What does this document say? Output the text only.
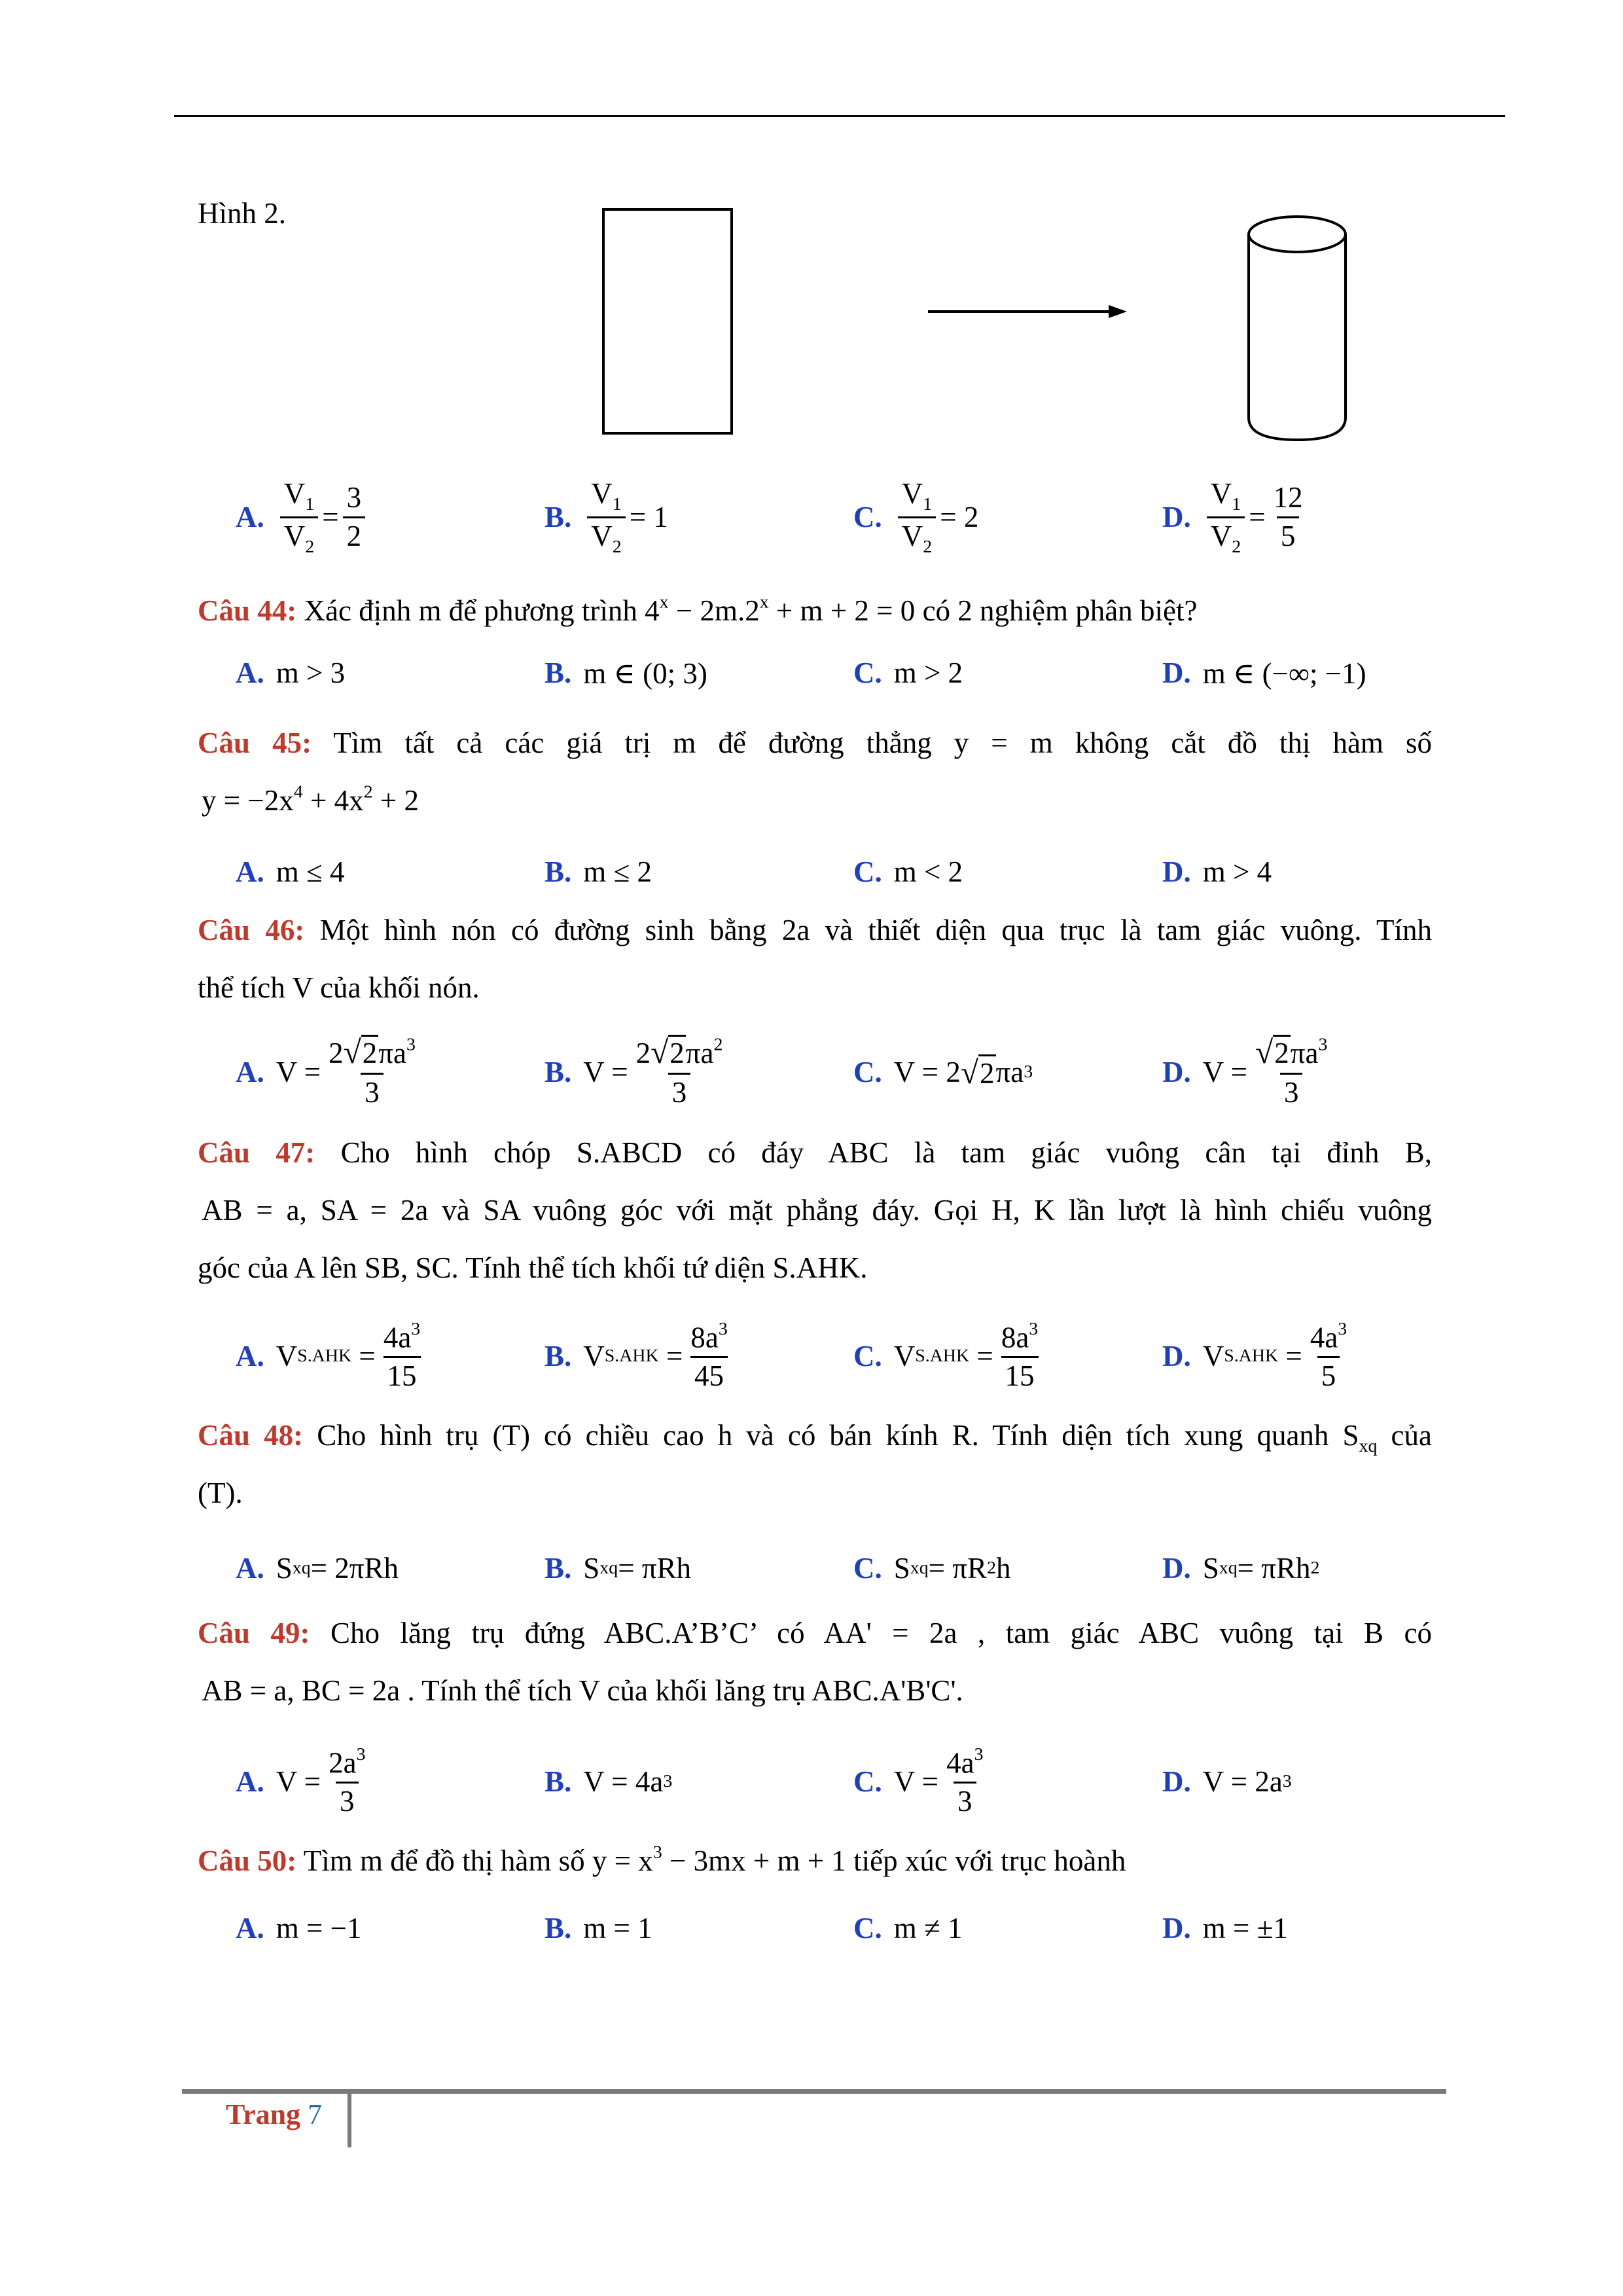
Hình 2.
A. $\frac{V_1}{V_2} = \frac{3}{2}$	B. $\frac{V_1}{V_2}$ =
1	C. $\frac{V_1}{V_2}$ =
2	D. $\frac{V_1}{V_2} = \frac{12}{5}$
Câu 44: Xác định m để phương trình $4^x - 2m.2^x + m + 2 = 0$ có 2 nghiệm phân biệt?
A. m > 3	B. m ∈ (0; 3)	C. m > 2	D. m ∈ (−∞; −1)
Câu 45: Tìm tất cả các giá trị m để đường thẳng y = m không cắt đồ thị hàm số
$y = -2x^4 + 4x^2 + 2$
A. m ≤ 4	B. m ≤ 2	C. m < 2	D. m > 4
Câu 46: Một hình nón có đường sinh bằng 2a và thiết diện qua trục là tam giác vuông. Tính
thể tích V của khối nón.
A. $V = \frac{2√2\pi a^3}{3}$	B. $V = \frac{2√2\pi a^2}{3}$	C. V = 2 √ 2 πa 3	D. $V = \frac{√2\pi a^3}{3}$
Câu 47: Cho hình chóp S.ABCD có đáy ABC là tam giác vuông cân tại đỉnh B,
AB = a, SA = 2a và SA vuông góc với mặt phẳng đáy. Gọi H, K lần lượt là hình chiếu vuông
góc của A lên SB, SC. Tính thể tích khối tứ diện S.AHK.
A. V $S.AHK = \frac{4a^3}{15}$	B. V $S.AHK = \frac{8a^3}{45}$	C. V $S.AHK = \frac{8a^3}{15}$	D. V $S.AHK = \frac{4a^3}{5}$
Câu 48: Cho hình trụ (T) có chiều cao h và có bán kính R. Tính diện tích xung quanh $S_{xq}$ của
(T).
A. S xq = 2πRh	B. S xq = πRh	C. S xq = πR 2 h	D. S xq = πRh 2
Câu 49: Cho lăng trụ đứng ABC.A’B’C’ có AA' = 2a , tam giác ABC vuông tại B có
AB = a, BC = 2a . Tính thể tích V của khối lăng trụ ABC.A'B'C'.
A. $V = \frac{2a^3}{3}$	B. V = 4a 3	C. $V = \frac{4a^3}{3}$	D. V = 2a 3
Câu 50: Tìm m để đồ thị hàm số $y = x^3 - 3mx + m + 1$ tiếp xúc với trục hoành
A. m = −1	B. m = 1	C. m ≠ 1	D. m = ±1
Trang 7
